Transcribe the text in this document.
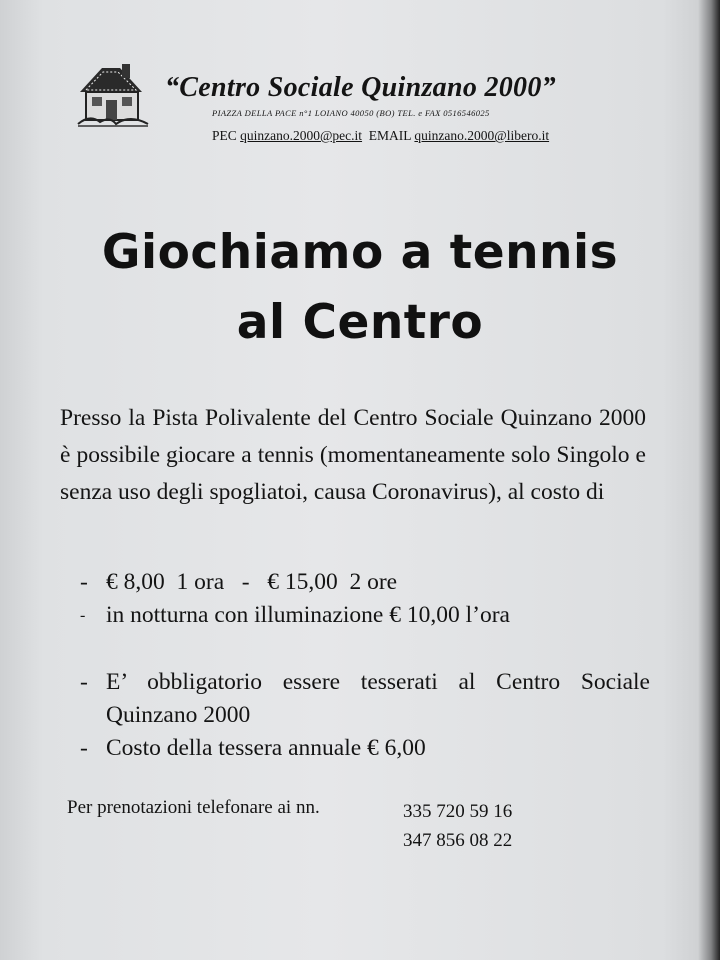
“Centro Sociale Quinzano 2000”
PIAZZA DELLA PACE n°1 LOIANO 40050 (BO) TEL. e FAX 0516546025
PEC quinzano.2000@pec.it EMAIL quinzano.2000@libero.it
Giochiamo a tennis
al Centro
Presso la Pista Polivalente del Centro Sociale Quinzano 2000 è possibile giocare a tennis (momentaneamente solo Singolo e senza uso degli spogliatoi, causa Coronavirus), al costo di
- € 8,00  1 ora   -   € 15,00  2 ore
- in notturna con illuminazione € 10,00 l’ora
- E’ obbligatorio essere tesserati al Centro Sociale Quinzano 2000
- Costo della tessera annuale € 6,00
Per prenotazioni telefonare ai nn.	335 720 59 16
347 856 08 22
